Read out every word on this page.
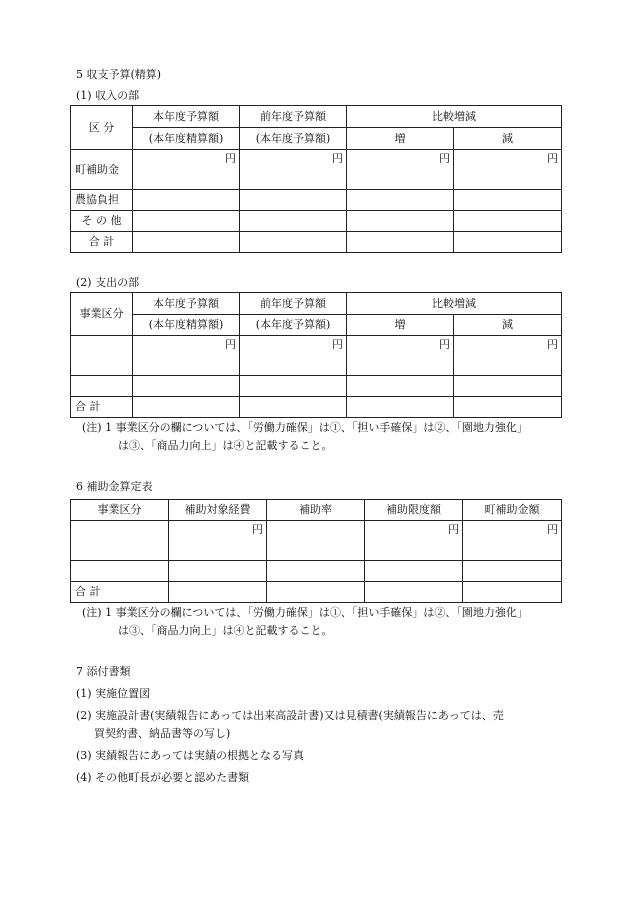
5 収支予算(精算)
(1) 収入の部
区 分	本年度予算額	前年度予算額	比較増減	
	(本年度精算額)	(本年度予算額)	増	減
町補助金	円	円	円	円
農協負担				
そ の 他				
合 計				
(2) 支出の部
事業区分	本年度予算額	前年度予算額	比較増減	
	(本年度精算額)	(本年度予算額)	増	減
	円	円	円	円

合 計				
(注) 1 事業区分の欄については、「労働力確保」は①、「担い手確保」は②、「園地力強化」
は③、「商品力向上」は④と記載すること。
6 補助金算定表
事業区分	補助対象経費	補助率	補助限度額	町補助金額
	円		円	円

合 計				
(注) 1 事業区分の欄については、「労働力確保」は①、「担い手確保」は②、「園地力強化」
は③、「商品力向上」は④と記載すること。
7 添付書類
(1) 実施位置図
(2) 実施設計書(実績報告にあっては出来高設計書)又は見積書(実績報告にあっては、売
買契約書、納品書等の写し)
(3) 実績報告にあっては実績の根拠となる写真
(4) その他町長が必要と認めた書類
